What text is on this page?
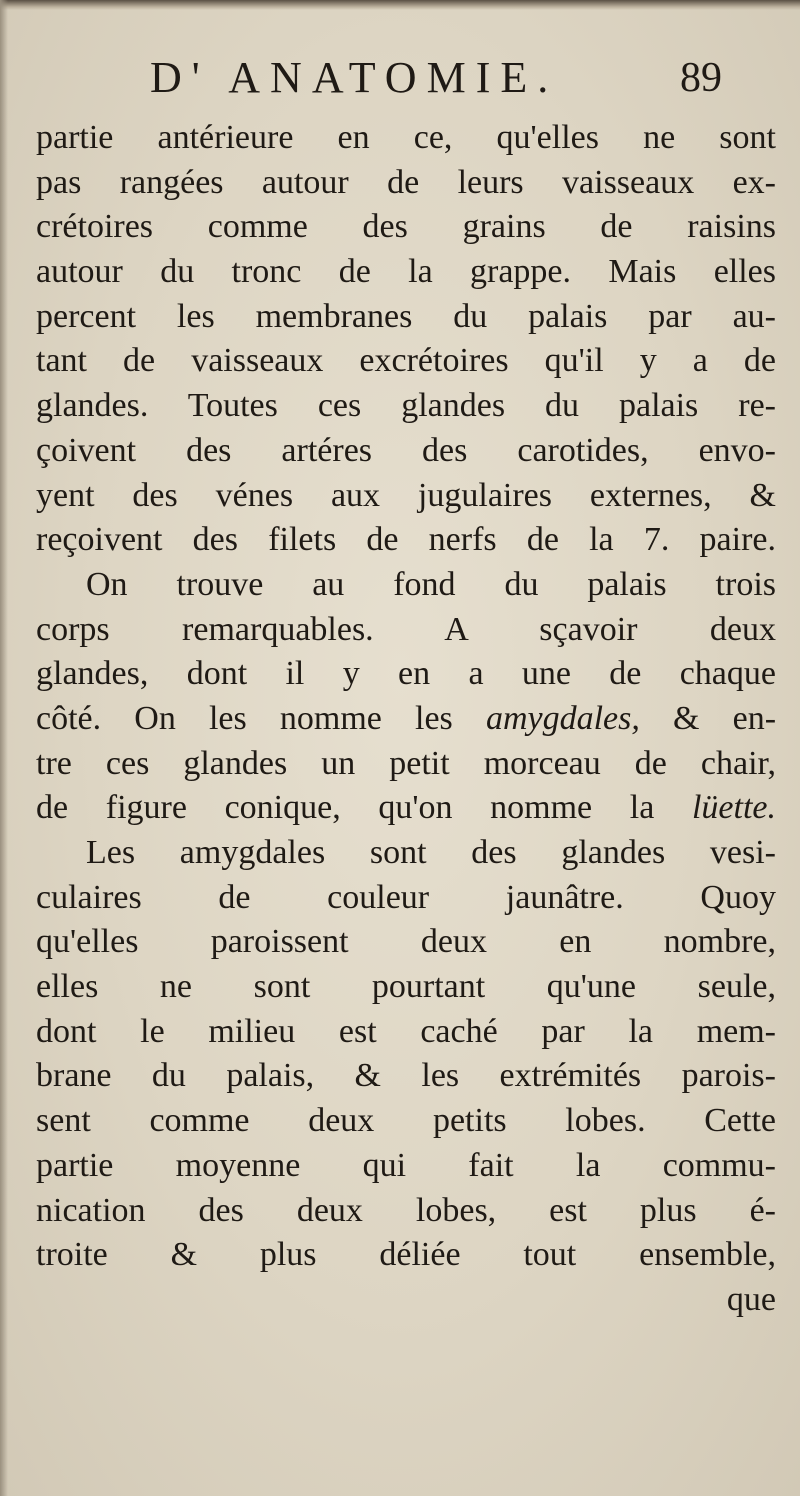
D' ANATOMIE.	89
partie antérieure en ce, qu'elles ne sont
pas rangées autour de leurs vaisseaux ex-
crétoires comme des grains de raisins
autour du tronc de la grappe. Mais elles
percent les membranes du palais par au-
tant de vaisseaux excrétoires qu'il y a de
glandes. Toutes ces glandes du palais re-
çoivent des artéres des carotides, envo-
yent des vénes aux jugulaires externes, &
reçoivent des filets de nerfs de la 7. paire.
On trouve au fond du palais trois
corps remarquables. A sçavoir deux
glandes, dont il y en a une de chaque
côté. On les nomme les amygdales, & en-
tre ces glandes un petit morceau de chair,
de figure conique, qu'on nomme la lüette.
Les amygdales sont des glandes vesi-
culaires de couleur jaunâtre. Quoy
qu'elles paroissent deux en nombre,
elles ne sont pourtant qu'une seule,
dont le milieu est caché par la mem-
brane du palais, & les extrémités parois-
sent comme deux petits lobes. Cette
partie moyenne qui fait la commu-
nication des deux lobes, est plus é-
troite & plus déliée tout ensemble,
que
